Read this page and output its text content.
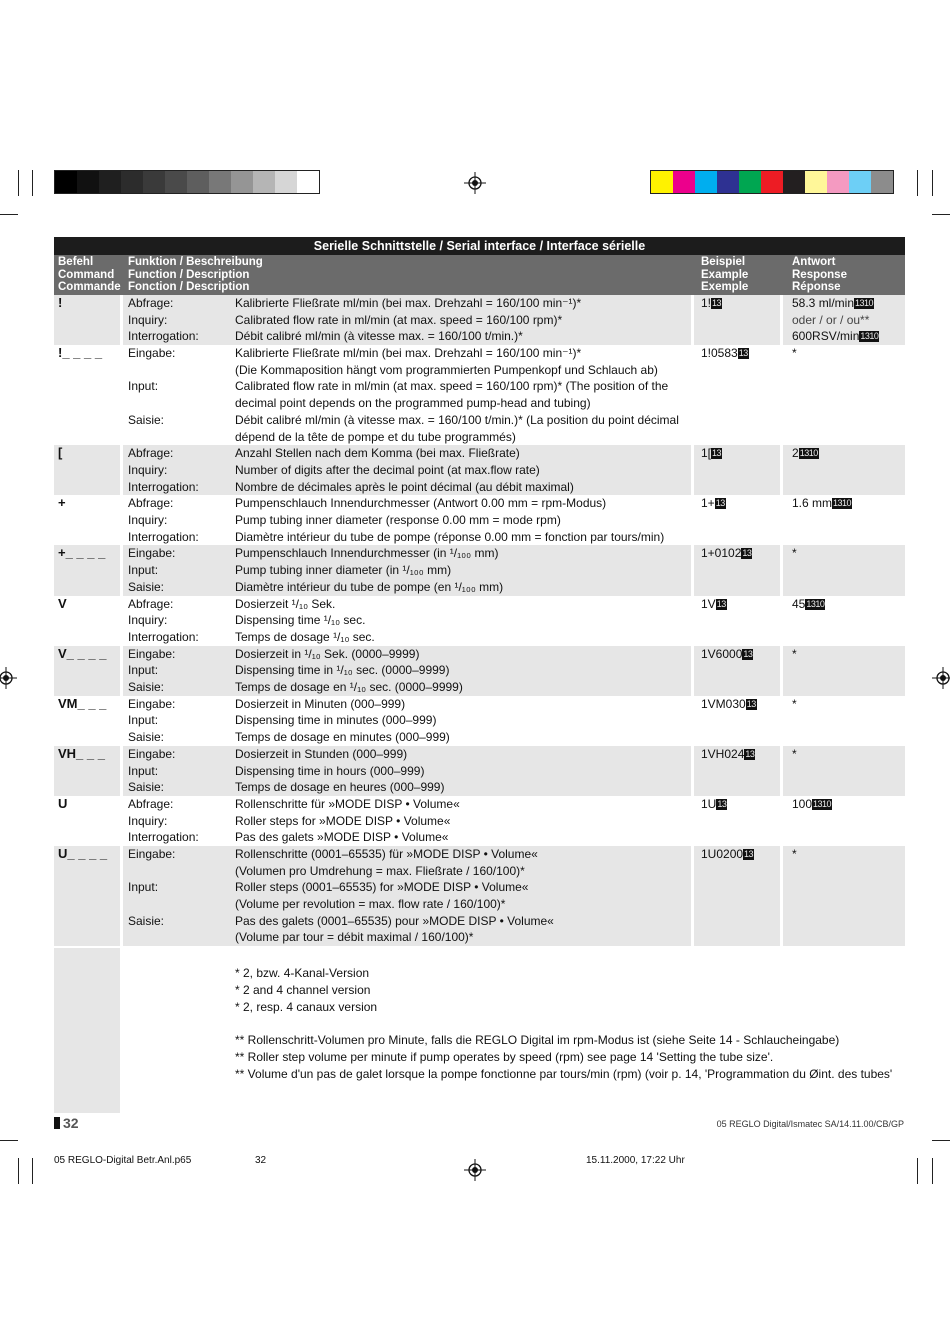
Serielle Schnittstelle / Serial interface / Interface sérielle
Befehl
Command
Commande
Funktion / Beschreibung
Function / Description
Fonction / Description
Beispiel
Example
Exemple
Antwort
Response
Réponse
!	Abfrage:	Kalibrierte Fließrate ml/min (bei max. Drehzahl = 160/100 min⁻¹)*
Inquiry:	Calibrated flow rate in ml/min (at max. speed = 160/100 rpm)*
Interrogation:	Débit calibré ml/min (à vitesse max. = 160/100 t/min.)*
1!13	58.3 ml/min1310
oder / or / ou**
600RSV/min1310
!_ _ _ _	Eingabe:	Kalibrierte Fließrate ml/min (bei max. Drehzahl = 160/100 min⁻¹)*
(Die Kommaposition hängt vom programmierten Pumpenkopf und Schlauch ab)
Input:	Calibrated flow rate in ml/min (at max. speed = 160/100 rpm)* (The position of the
decimal point depends on the programmed pump-head and tubing)
Saisie:	Débit calibré ml/min (à vitesse max. = 160/100 t/min.)* (La position du point décimal
dépend de la tête de pompe et du tube programmés)
1!058313	*
[	Abfrage:	Anzahl Stellen nach dem Komma (bei max. Fließrate)
Inquiry:	Number of digits after the decimal point (at max.flow rate)
Interrogation:	Nombre de décimales après le point décimal (au débit maximal)
1[13	21310
+	Abfrage:	Pumpenschlauch Innendurchmesser (Antwort 0.00 mm = rpm-Modus)
Inquiry:	Pump tubing inner diameter (response 0.00 mm = mode rpm)
Interrogation:	Diamètre intérieur du tube de pompe (réponse 0.00 mm = fonction par tours/min)
1+13	1.6 mm1310
+_ _ _ _	Eingabe:	Pumpenschlauch Innendurchmesser (in ¹/₁₀₀ mm)
Input:	Pump tubing inner diameter (in ¹/₁₀₀ mm)
Saisie:	Diamètre intérieur du tube de pompe (en ¹/₁₀₀ mm)
1+010213	*
V	Abfrage:	Dosierzeit ¹/₁₀ Sek.
Inquiry:	Dispensing time ¹/₁₀ sec.
Interrogation:	Temps de dosage ¹/₁₀ sec.
1V13	451310
V_ _ _ _	Eingabe:	Dosierzeit in ¹/₁₀ Sek. (0000–9999)
Input:	Dispensing time in ¹/₁₀ sec. (0000–9999)
Saisie:	Temps de dosage en ¹/₁₀ sec. (0000–9999)
1V600013	*
VM_ _ _	Eingabe:	Dosierzeit in Minuten (000–999)
Input:	Dispensing time in minutes (000–999)
Saisie:	Temps de dosage en minutes (000–999)
1VM03013	*
VH_ _ _	Eingabe:	Dosierzeit in Stunden (000–999)
Input:	Dispensing time in hours (000–999)
Saisie:	Temps de dosage en heures (000–999)
1VH02413	*
U	Abfrage:	Rollenschritte für »MODE DISP • Volume«
Inquiry:	Roller steps for »MODE DISP • Volume«
Interrogation:	Pas des galets »MODE DISP • Volume«
1U13	1001310
U_ _ _ _	Eingabe:	Rollenschritte (0001–65535) für »MODE DISP • Volume«
(Volumen pro Umdrehung = max. Fließrate / 160/100)*
Input:	Roller steps (0001–65535) for »MODE DISP • Volume«
(Volume per revolution = max. flow rate / 160/100)*
Saisie:	Pas des galets (0001–65535) pour »MODE DISP • Volume«
(Volume par tour = débit maximal / 160/100)*
1U020013	*
* 2, bzw. 4-Kanal-Version
* 2 and 4 channel version
* 2, resp. 4 canaux version
** Rollenschritt-Volumen pro Minute, falls die REGLO Digital im rpm-Modus ist (siehe Seite 14 - Schlaucheingabe)
** Roller step volume per minute if pump operates by speed (rpm) see page 14 'Setting the tube size'.
** Volume d'un pas de galet lorsque la pompe fonctionne par tours/min (rpm) (voir p. 14, 'Programmation du Øint. des tubes'
32	05 REGLO Digital/Ismatec SA/14.11.00/CB/GP
05 REGLO-Digital Betr.Anl.p65	32	15.11.2000, 17:22 Uhr
